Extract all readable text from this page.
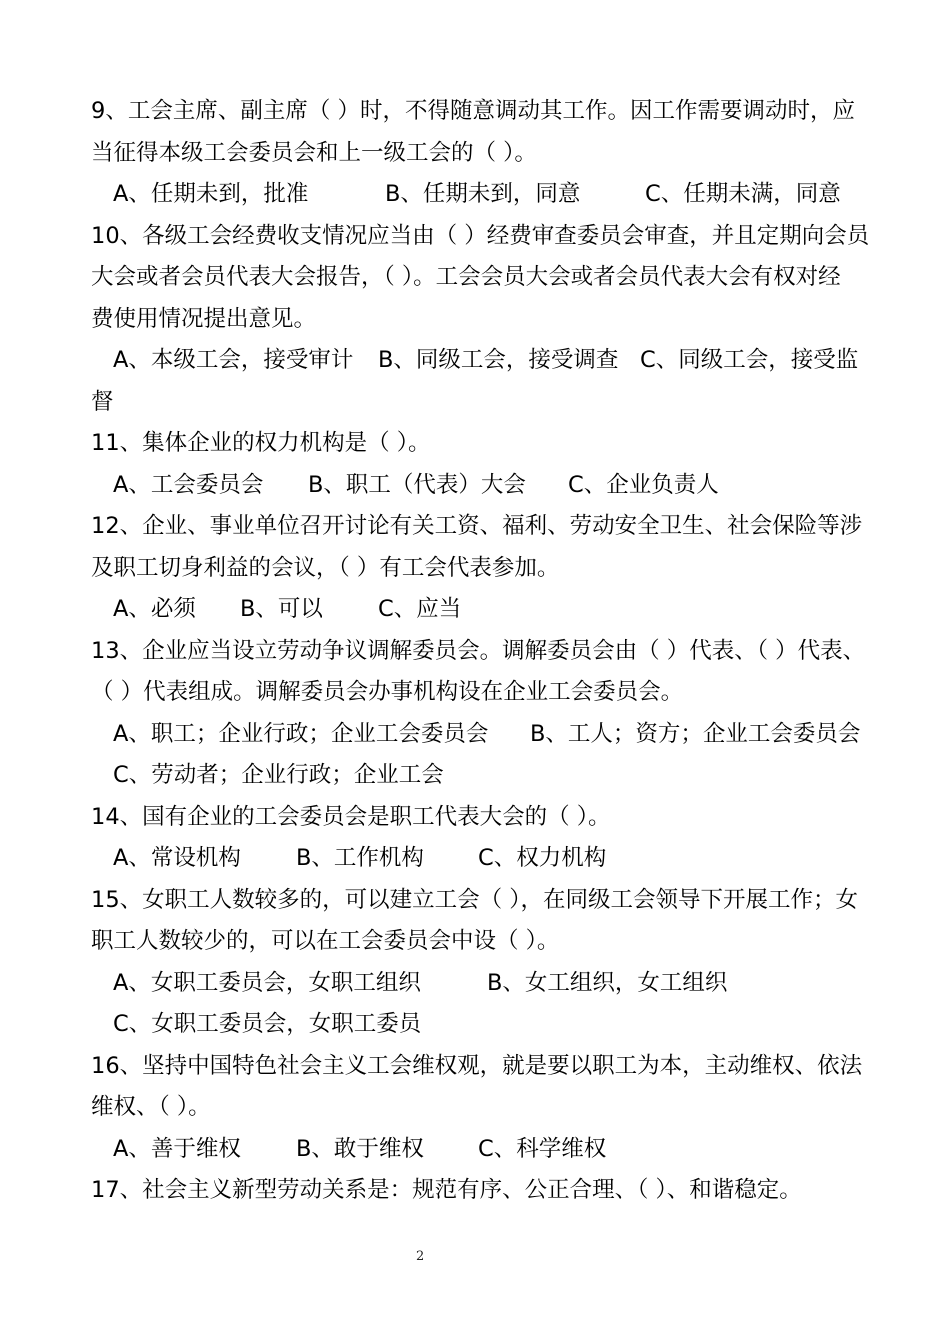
9、工会主席、副主席（ ）时，不得随意调动其工作。因工作需要调动时，应
当征得本级工会委员会和上一级工会的（ ）。

A、任期未到，批准

	B、任期未到，同意

	C、任期未满，同意

10、各级工会经费收支情况应当由（ ）经费审查委员会审查，并且定期向会员
大会或者会员代表大会报告，（ ）。工会会员大会或者会员代表大会有权对经
费使用情况提出意见。

A、本级工会，接受审计

B、同级工会，接受调查

C、同级工会，接受监

督
11、集体企业的权力机构是（ ）。

A、工会委员会

B、职工（代表）大会

C、企业负责人

12、企业、事业单位召开讨论有关工资、福利、劳动安全卫生、社会保险等涉
及职工切身利益的会议，（ ）有工会代表参加。

A、必须

B、可以

C、应当

13、企业应当设立劳动争议调解委员会。调解委员会由（ ）代表、（ ）代表、
（ ）代表组成。调解委员会办事机构设在企业工会委员会。

A、职工；企业行政；企业工会委员会

B、工人；资方；企业工会委员会

C、劳动者；企业行政；企业工会

14、国有企业的工会委员会是职工代表大会的（ ）。

A、常设机构

B、工作机构

C、权力机构

15、女职工人数较多的，可以建立工会（ ），在同级工会领导下开展工作；女
职工人数较少的，可以在工会委员会中设（ ）。

A、女职工委员会，女职工组织

	B、女工组织，女工组织

C、女职工委员会，女职工委员

16、坚持中国特色社会主义工会维权观，就是要以职工为本，主动维权、依法
维权、（ ）。

A、善于维权

B、敢于维权

C、科学维权

17、社会主义新型劳动关系是：规范有序、公正合理、（ ）、和谐稳定。
2
